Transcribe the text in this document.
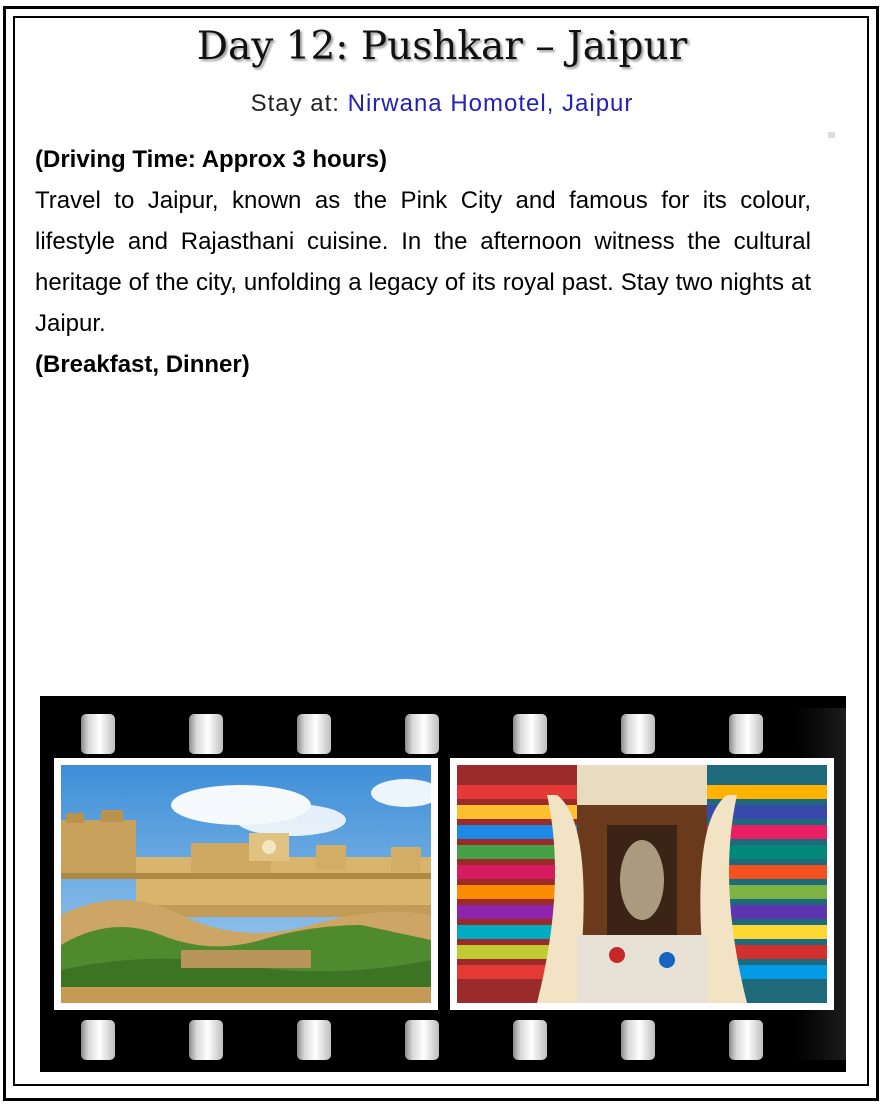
Day 12: Pushkar – Jaipur
Stay at: Nirwana Homotel, Jaipur

(Driving Time: Approx 3 hours)

Travel to Jaipur, known as the Pink City and famous for its colour, lifestyle and Rajasthani cuisine. In the afternoon witness the cultural heritage of the city, unfolding a legacy of its royal past. Stay two nights at Jaipur.

(Breakfast, Dinner)
